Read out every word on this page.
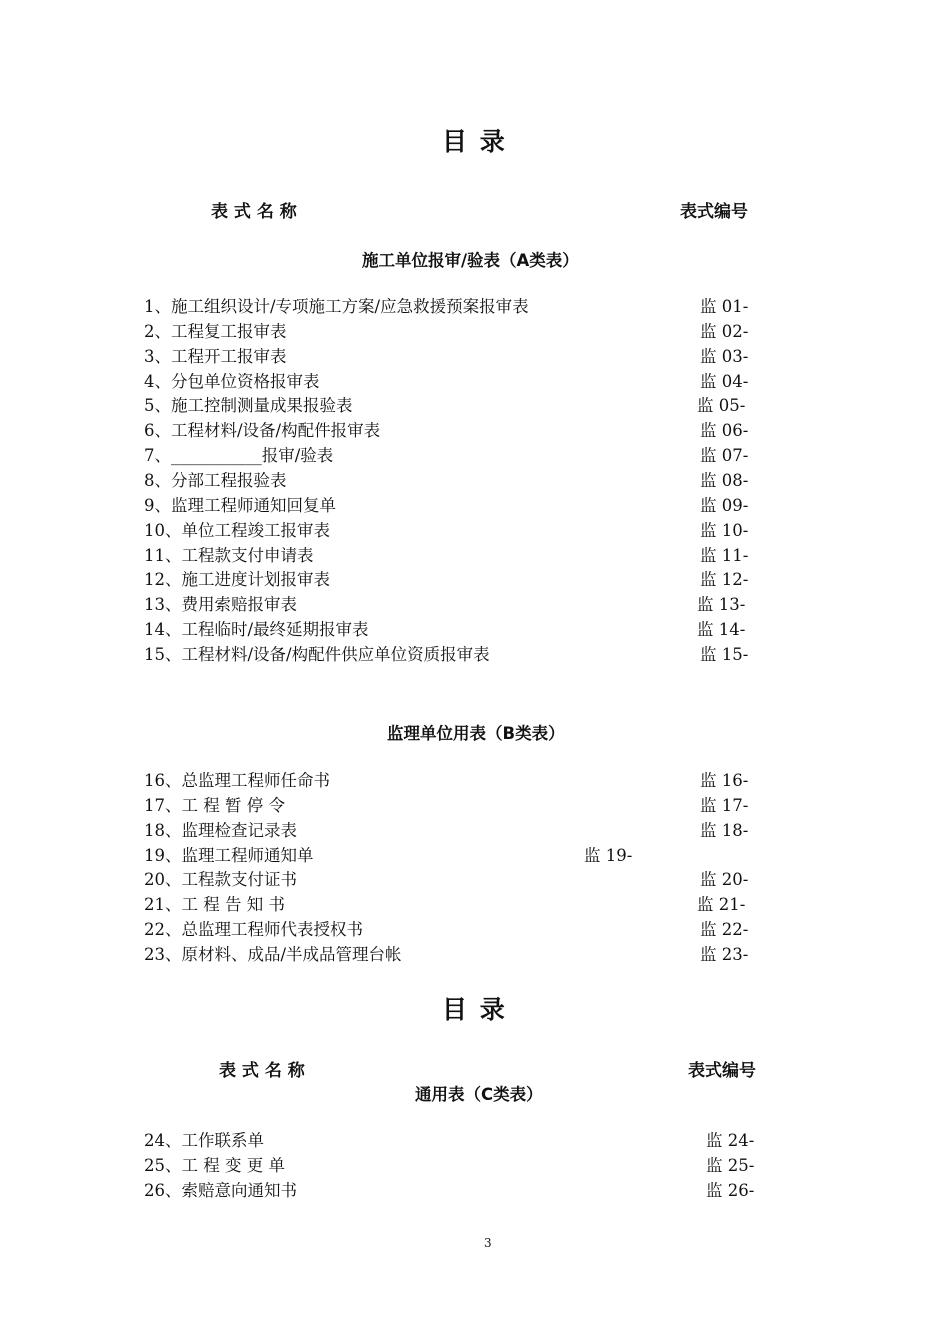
目 录
表 式 名 称	表式编号
施工单位报审/验表（A类表）
1、施工组织设计/专项施工方案/应急救援预案报审表	监 01-
2、工程复工报审表	监 02-
3、工程开工报审表	监 03-
4、分包单位资格报审表	监 04-
5、施工控制测量成果报验表	监 05-
6、工程材料/设备/构配件报审表	监 06-
7、___________报审/验表	监 07-
8、分部工程报验表	监 08-
9、监理工程师通知回复单	监 09-
10、单位工程竣工报审表	监 10-
11、工程款支付申请表	监 11-
12、施工进度计划报审表	监 12-
13、费用索赔报审表	监 13-
14、工程临时/最终延期报审表	监 14-
15、工程材料/设备/构配件供应单位资质报审表	监 15-
监理单位用表（B类表）
16、总监理工程师任命书	监 16-
17、工 程 暂 停 令	监 17-
18、监理检查记录表	监 18-
19、监理工程师通知单	监 19-
20、工程款支付证书	监 20-
21、工 程 告 知 书	监 21-
22、总监理工程师代表授权书	监 22-
23、原材料、成品/半成品管理台帐	监 23-
目 录
表 式 名 称	表式编号
通用表（C类表）
24、工作联系单	监 24-
25、工 程 变 更 单	监 25-
26、索赔意向通知书	监 26-
3
